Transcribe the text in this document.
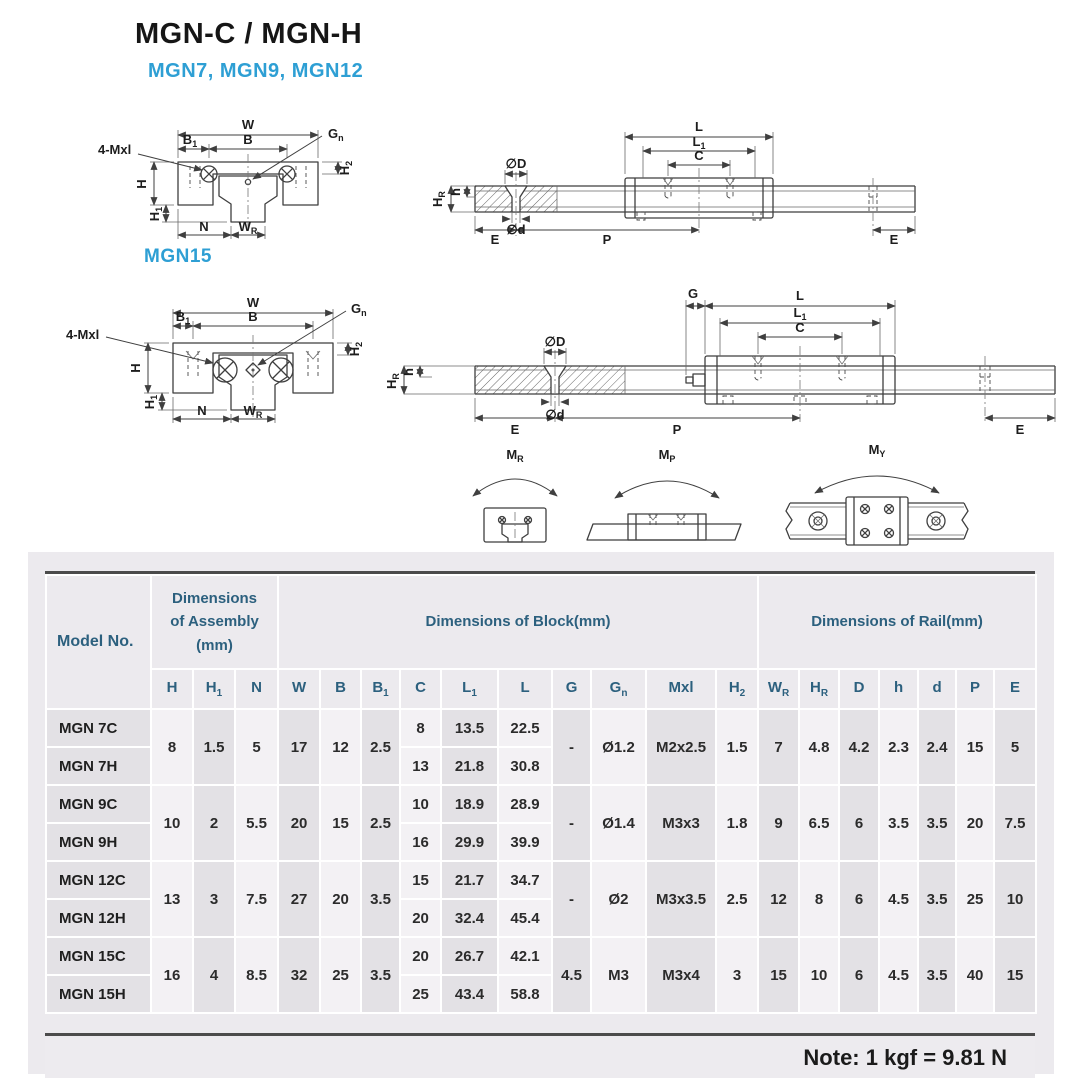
MGN-C / MGN-H
MGN7, MGN9, MGN12
MGN15
W
B
$B_1$
$G_n$
4-Mxl
H
$H_1$
$H_2$
N $W_R$
∅D
h
$H_R$
∅d
L
$L_1$
C
E	P	E
W
B
$B_1$
$G_n$
4-Mxl
H
$H_1$
$H_2$
N	$W_R$
∅D
h
$H_R$
∅d
G	L
$L_1$
C
E	P	E
$M_R$	$M_P$
$M_Y$
Model No.	Dimensions
of Assembly
(mm)			Dimensions of Block(mm)										Dimensions of Rail(mm)						
	H	$H_1$	N	W	B	$B_1$	C	$L_1$	L	G	$G_n$	Mxl	$H_2$	$W_R$	$H_R$	D	h	d	P	E
MGN 7C	8	1.5	5	17	12	2.5	8	13.5	22.5	-	Ø1.2	M2x2.5	1.5	7	4.8	4.2	2.3	2.4	15	5
MGN 7H							13	21.8	30.8											
MGN 9C	10	2	5.5	20	15	2.5	10	18.9	28.9	-	Ø1.4	M3x3	1.8	9	6.5	6	3.5	3.5	20	7.5
MGN 9H							16	29.9	39.9											
MGN 12C	13	3	7.5	27	20	3.5	15	21.7	34.7	-	Ø2	M3x3.5	2.5	12	8	6	4.5	3.5	25	10
MGN 12H							20	32.4	45.4											
MGN 15C	16	4	8.5	32	25	3.5	20	26.7	42.1	4.5	M3	M3x4	3	15	10	6	4.5	3.5	40	15
MGN 15H							25	43.4	58.8											
Note: 1 kgf = 9.81 N
